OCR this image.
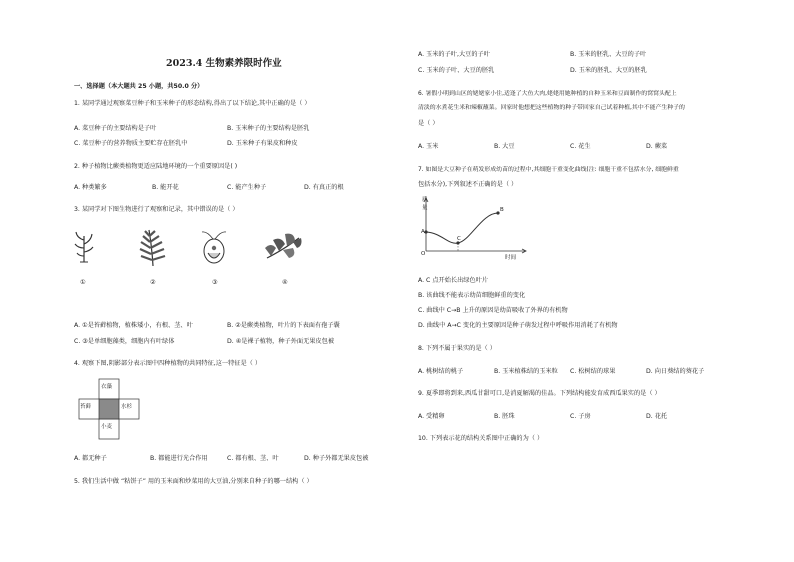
2023.4 生物素养限时作业
一、选择题（本大题共 25 小题，共50.0 分）
1. 某同学通过观察菜豆种子和玉米种子的形态结构,得出了以下结论,其中正确的是（ ）
A. 菜豆种子的主要结构是子叶	B. 玉米种子的主要结构是胚乳
C. 菜豆种子的营养物质主要贮存在胚乳中	D. 玉米种子有果皮和种皮
2. 种子植物比蕨类植物更适应陆地环境的一个重要原因是( )
A. 种类繁多	B. 能开花	C. 能产生种子	D. 有真正的根
3. 某同学对下图生物进行了观察和记录，其中错误的是（ ）
①	②	③	④
A. ①是苔藓植物，植株矮小，有根、茎、叶	B. ②是蕨类植物，叶片的下表面有孢子囊
C. ③是单细胞藻类，细胞内有叶绿体	D. ④是裸子植物，种子外面无果皮包被
4. 观察下图,阴影部分表示图中四种植物的共同特征,这一特征是（ ）
衣藻
苔藓	水杉
小麦
A. 都无种子	B. 都能进行光合作用	C. 都有根、茎、叶	D. 种子外都无果皮包被
5. 我们生活中做 “粘饼子” 用的玉米面和炒菜用的大豆油,分别来自种子的哪一结构（ ）
A. 玉米的子叶,大豆的子叶	B. 玉米的胚乳、大豆的子叶
C. 玉米的子叶、大豆的胚乳	D. 玉米的胚乳、大豆的胚乳
6. 暑假小明到山区的姥姥家小住,适逢了大鱼大肉,姥姥用她种植的自种玉米和豆面制作的窝窝头配上
清淡的水煮花生米和辣椒蘸菜。回家时他想把这些植物的种子带回家自己试着种植,其中不能产生种子的
是（ ）
A. 玉米	B. 大豆	C. 花生	D. 蕨菜
7. 如图是大豆种子在萌发形成幼苗的过程中,其细胞干重变化曲线(注: 细胞干重不包括水分, 细胞鲜重
包括水分),下列叙述不正确的是（ ）
质
量
A
C
B
O
时间
A. C 点开始长出绿色叶片
B. 该曲线不能表示幼苗细胞鲜重的变化
C. 曲线中 C→B 上升的原因是幼苗吸收了外界的有机物
D. 曲线中 A→C 变化的主要原因是种子萌发过程中呼吸作用消耗了有机物
8. 下列不属于果实的是（ ）
A. 桃树结的桃子	B. 玉米植株结的玉米粒 C. 松树结的球果	D. 向日葵结的葵花子
9. 夏季即将到来,西瓜甘甜可口,是消夏解渴的佳品。下列结构能发育成西瓜果实的是（ ）
A. 受精卵	B. 胚珠	C. 子房	D. 花托
10. 下列表示花的结构关系图中正确的为（ ）
